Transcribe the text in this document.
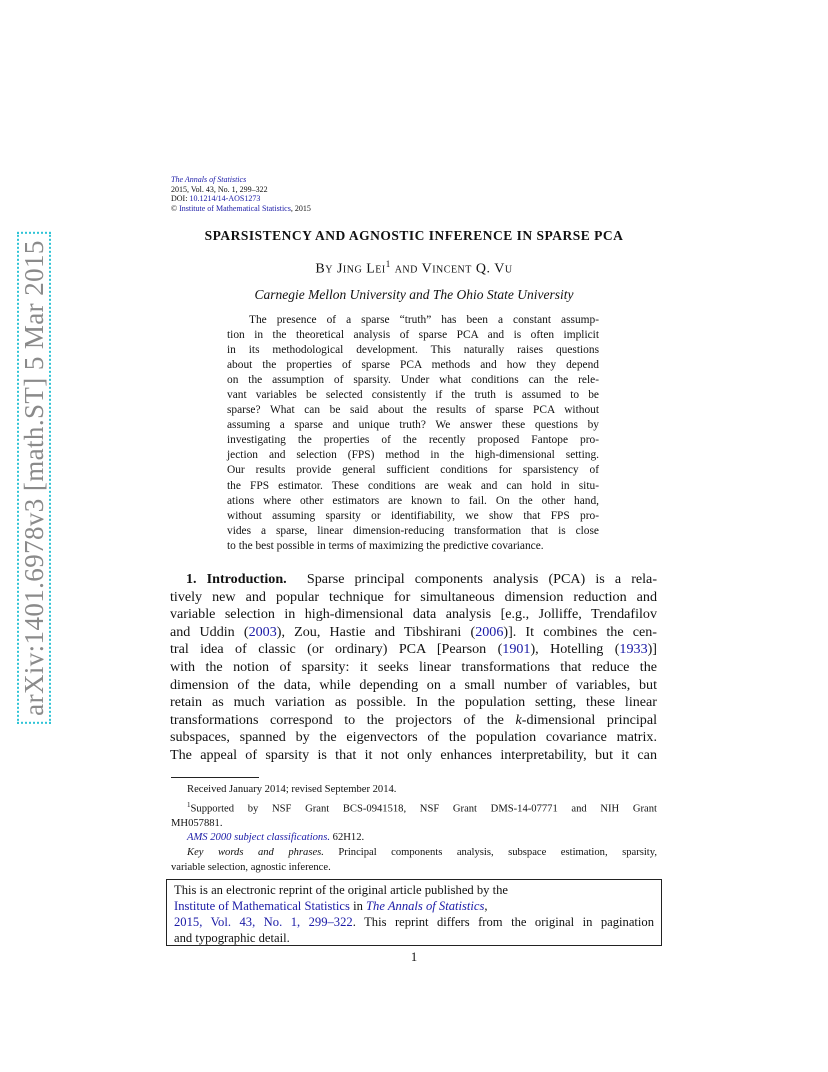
arXiv:1401.6978v3 [math.ST] 5 Mar 2015
The Annals of Statistics
2015, Vol. 43, No. 1, 299–322
DOI: 10.1214/14-AOS1273
© Institute of Mathematical Statistics, 2015
SPARSISTENCY AND AGNOSTIC INFERENCE IN SPARSE PCA
By Jing Lei$^1$ and Vincent Q. Vu
Carnegie Mellon University and The Ohio State University
The presence of a sparse “truth” has been a constant assump-
tion in the theoretical analysis of sparse PCA and is often implicit
in its methodological development. This naturally raises questions
about the properties of sparse PCA methods and how they depend
on the assumption of sparsity. Under what conditions can the rele-
vant variables be selected consistently if the truth is assumed to be
sparse? What can be said about the results of sparse PCA without
assuming a sparse and unique truth? We answer these questions by
investigating the properties of the recently proposed Fantope pro-
jection and selection (FPS) method in the high-dimensional setting.
Our results provide general sufficient conditions for sparsistency of
the FPS estimator. These conditions are weak and can hold in situ-
ations where other estimators are known to fail. On the other hand,
without assuming sparsity or identifiability, we show that FPS pro-
vides a sparse, linear dimension-reducing transformation that is close
to the best possible in terms of maximizing the predictive covariance.
1. Introduction. Sparse principal components analysis (PCA) is a rela-
tively new and popular technique for simultaneous dimension reduction and
variable selection in high-dimensional data analysis [e.g., Jolliffe, Trendafilov
and Uddin (2003), Zou, Hastie and Tibshirani (2006)]. It combines the cen-
tral idea of classic (or ordinary) PCA [Pearson (1901), Hotelling (1933)]
with the notion of sparsity: it seeks linear transformations that reduce the
dimension of the data, while depending on a small number of variables, but
retain as much variation as possible. In the population setting, these linear
transformations correspond to the projectors of the k-dimensional principal
subspaces, spanned by the eigenvectors of the population covariance matrix.
The appeal of sparsity is that it not only enhances interpretability, but it can
Received January 2014; revised September 2014.
$^1$Supported by NSF Grant BCS-0941518, NSF Grant DMS-14-07771 and NIH Grant
MH057881.
AMS 2000 subject classifications. 62H12.
Key words and phrases. Principal components analysis, subspace estimation, sparsity,
variable selection, agnostic inference.
This is an electronic reprint of the original article published by the
Institute of Mathematical Statistics in The Annals of Statistics,
2015, Vol. 43, No. 1, 299–322. This reprint differs from the original in pagination
and typographic detail.
1
